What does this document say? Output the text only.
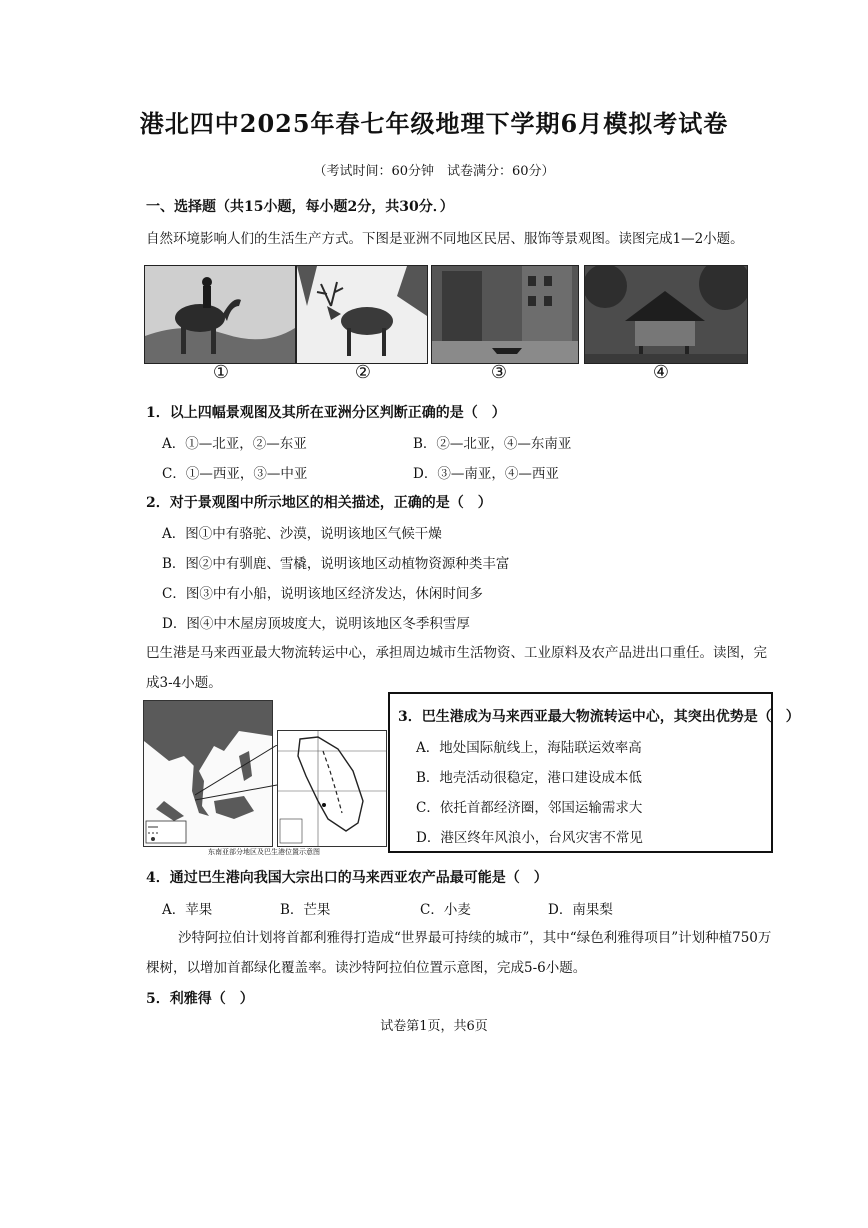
港北四中2025年春七年级地理下学期6月模拟考试卷
（考试时间：60分钟　试卷满分：60分）
一、选择题（共15小题，每小题2分，共30分．）
自然环境影响人们的生活生产方式。下图是亚洲不同地区民居、服饰等景观图。读图完成1—2小题。
①	②	③	④
1．以上四幅景观图及其所在亚洲分区判断正确的是（　）
A．①—北亚，②—东亚	B．②—北亚，④—东南亚
C．①—西亚，③—中亚	D．③—南亚，④—西亚
2．对于景观图中所示地区的相关描述，正确的是（　）
A．图①中有骆驼、沙漠，说明该地区气候干燥
B．图②中有驯鹿、雪橇，说明该地区动植物资源种类丰富
C．图③中有小船，说明该地区经济发达，休闲时间多
D．图④中木屋房顶坡度大，说明该地区冬季积雪厚
巴生港是马来西亚最大物流转运中心，承担周边城市生活物资、工业原料及农产品进出口重任。读图，完
成3-4小题。
东南亚部分地区及巴生港位置示意图
3．巴生港成为马来西亚最大物流转运中心，其突出优势是（　）
A．地处国际航线上，海陆联运效率高
B．地壳活动很稳定，港口建设成本低
C．依托首都经济圈，邻国运输需求大
D．港区终年风浪小，台风灾害不常见
4．通过巴生港向我国大宗出口的马来西亚农产品最可能是（　）
A．苹果	B．芒果	C．小麦	D．南果梨
沙特阿拉伯计划将首都利雅得打造成“世界最可持续的城市”，其中“绿色利雅得项目”计划种植750万
棵树，以增加首都绿化覆盖率。读沙特阿拉伯位置示意图，完成5-6小题。
5．利雅得（　）
试卷第1页，共6页
